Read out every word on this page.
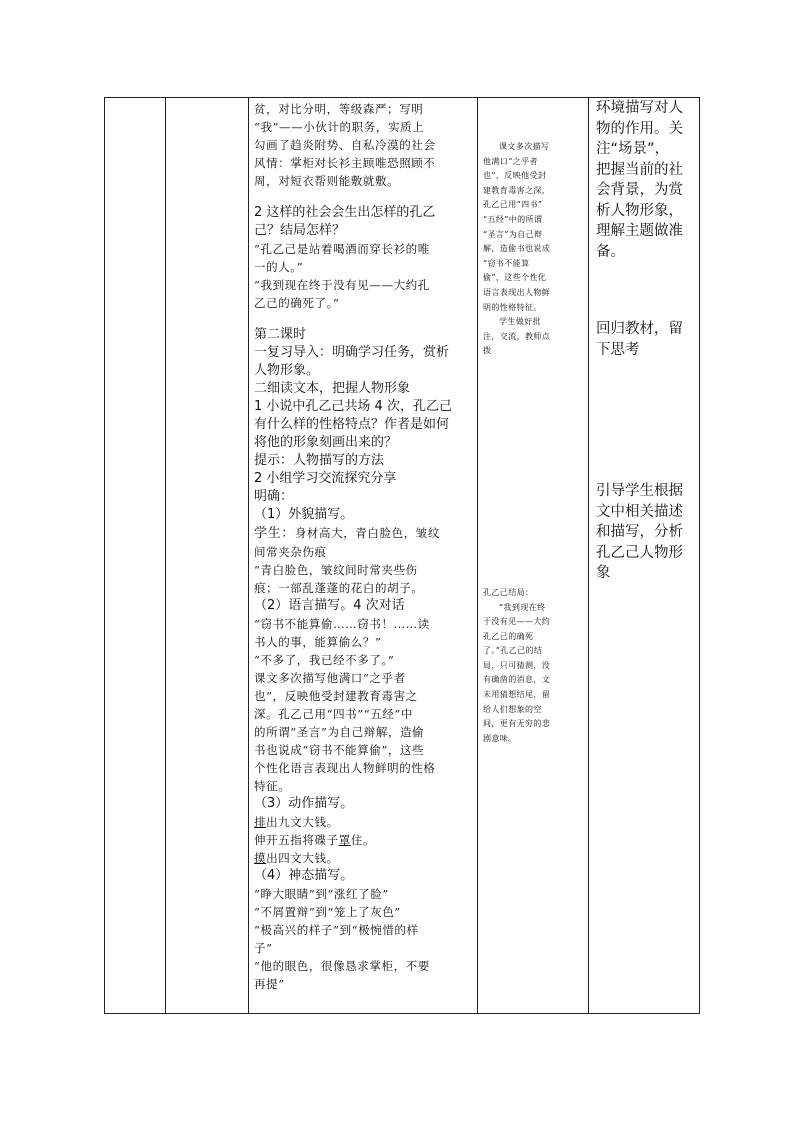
贫，对比分明，等级森严；写明
“我”——小伙计的职务，实质上
勾画了趋炎附势、自私冷漠的社会
风情：掌柜对长衫主顾唯恐照顾不
周，对短衣帮则能敷就敷。
2 这样的社会会生出怎样的孔乙
己？结局怎样？
“孔乙己是站着喝酒而穿长衫的唯
一的人。”
“我到现在终于没有见——大约孔
乙己的确死了。”
第二课时
一复习导入：明确学习任务，赏析
人物形象。
二细读文本，把握人物形象
1 小说中孔乙己共场 4 次，孔乙己
有什么样的性格特点？作者是如何
将他的形象刻画出来的？
提示：人物描写的方法
2 小组学习交流探究分享
明确：
（1）外貌描写。
学生：身材高大，青白脸色，皱纹
间常夹杂伤痕
“青白脸色，皱纹间时常夹些伤
痕；一部乱蓬蓬的花白的胡子。
（2）语言描写。4 次对话
“窃书不能算偷……窃书！……读
书人的事，能算偷么？”
“不多了，我已经不多了。”
课文多次描写他满口“之乎者
也”，反映他受封建教育毒害之
深。孔乙己用“四书”“五经”中
的所谓“圣言”为自己辩解，造偷
书也说成“窃书不能算偷”，这些
个性化语言表现出人物鲜明的性格
特征。
（3）动作描写。
排出九文大钱。
伸开五指将碟子罩住。
摸出四文大钱。
（4）神态描写。
“睁大眼睛”到“涨红了脸”
“不屑置辩”到“笼上了灰色”
“极高兴的样子”到“极惋惜的样
子”
“他的眼色，很像恳求掌柜，不要
再提”
课文多次描写
他满口“之乎者
也”，反映他受封
建教育毒害之深，
孔乙己用“四书”
“五经”中的所谓
“圣言”为自己辩
解，造偷书也说成
“窃书不能算
偷”，这些个性化
语言表现出人物鲜
明的性格特征。
学生做好批
注，交流，教师点
拨
孔乙己结局：
“我到现在终
于没有见——大约
孔乙己的确死
了。”孔乙己的结
局，只可猜测，没
有确凿的消息，文
末用猜想结尾，留
给人们想象的空
间，更有无穷的悲
剧意味。
环境描写对人
物的作用。关
注“场景”，
把握当前的社
会背景，为赏
析人物形象，
理解主题做准
备。
回归教材，留
下思考
引导学生根据
文中相关描述
和描写，分析
孔乙己人物形
象
